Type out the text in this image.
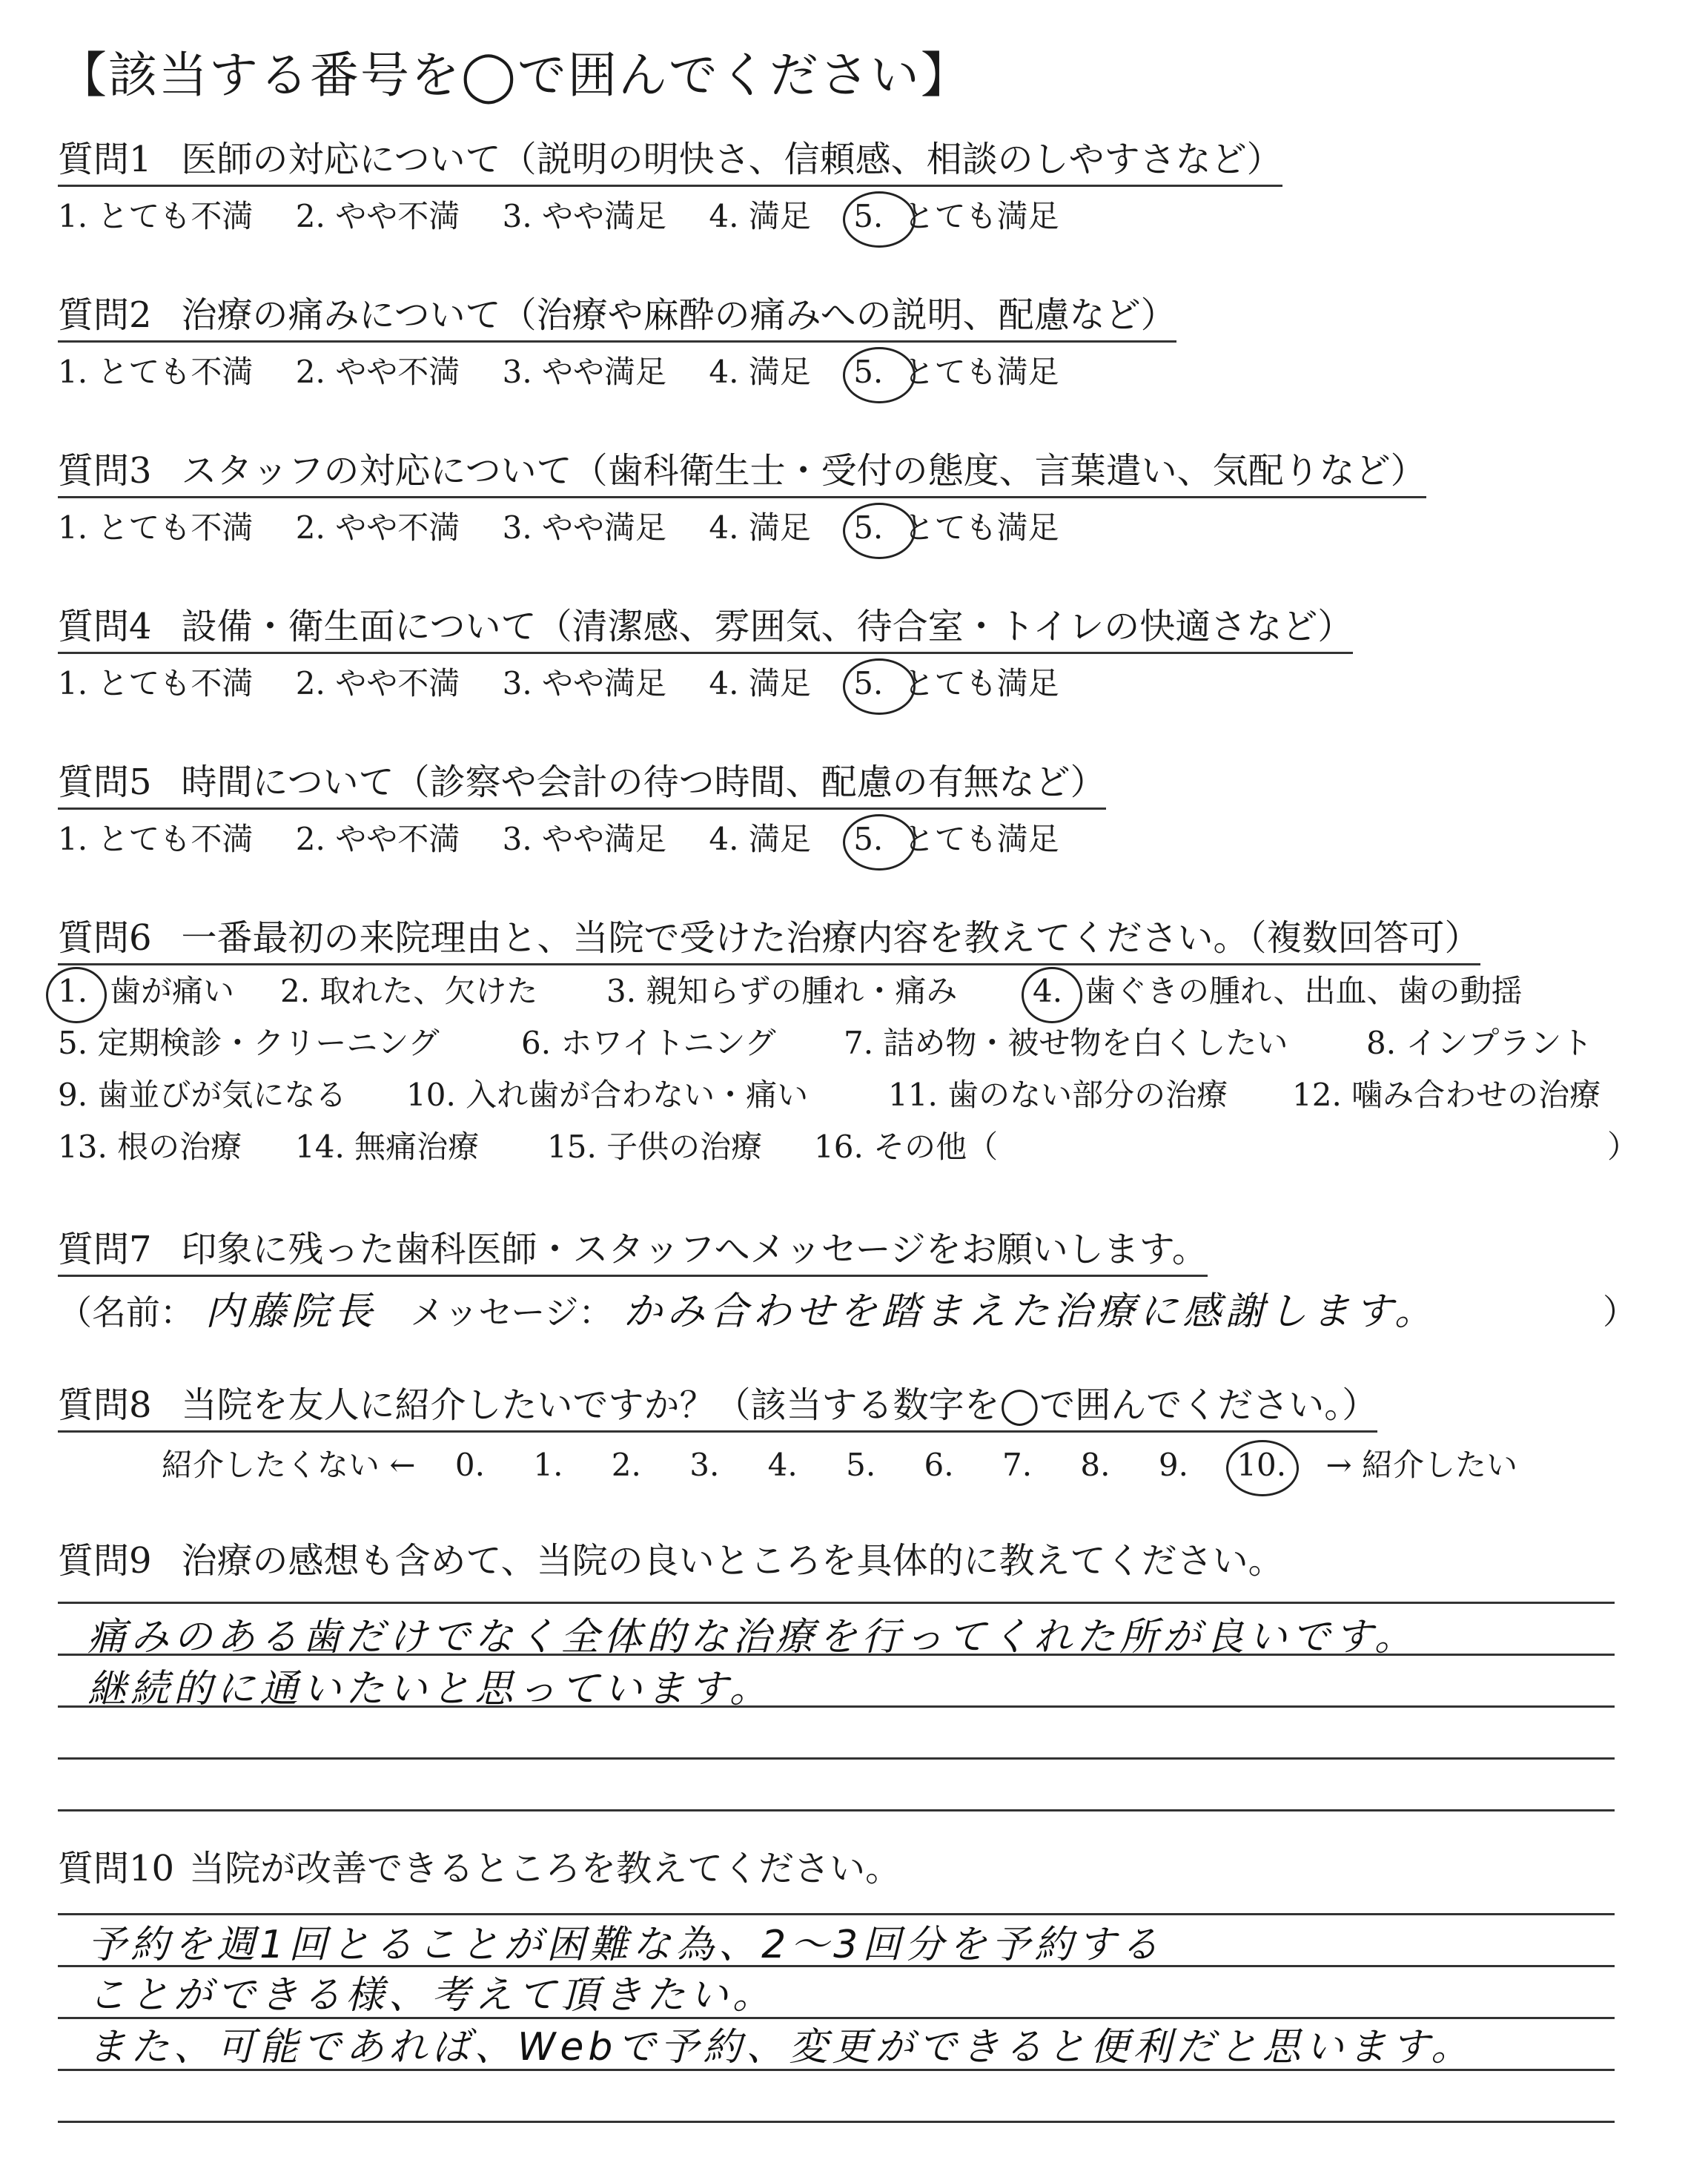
【該当する番号を◯で囲んでください】
質問1 医師の対応について（説明の明快さ、信頼感、相談のしやすさなど）
1. とても不満 2. やや不満 3. やや満足 4. 満足 5. とても満足
質問2 治療の痛みについて（治療や麻酔の痛みへの説明、配慮など）
1. とても不満 2. やや不満 3. やや満足 4. 満足 5. とても満足
質問3 スタッフの対応について（歯科衛生士・受付の態度、言葉遣い、気配りなど）
1. とても不満 2. やや不満 3. やや満足 4. 満足 5. とても満足
質問4 設備・衛生面について（清潔感、雰囲気、待合室・トイレの快適さなど）
1. とても不満 2. やや不満 3. やや満足 4. 満足 5. とても満足
質問5 時間について（診察や会計の待つ時間、配慮の有無など）
1. とても不満 2. やや不満 3. やや満足 4. 満足 5. とても満足
質問6 一番最初の来院理由と、当院で受けた治療内容を教えてください。（複数回答可）
1. 歯が痛い 2. 取れた、欠けた 3. 親知らずの腫れ・痛み 4. 歯ぐきの腫れ、出血、歯の動揺
5. 定期検診・クリーニング	6. ホワイトニング 7. 詰め物・被せ物を白くしたい	8. インプラント
9. 歯並びが気になる 10. 入れ歯が合わない・痛い	11. 歯のない部分の治療 12. 噛み合わせの治療
13. 根の治療 14. 無痛治療 15. 子供の治療 16. その他（	）
質問7 印象に残った歯科医師・スタッフへメッセージをお願いします。
（名前： 内藤院長 メッセージ： かみ合わせを踏まえた治療に感謝します。	）
質問8 当院を友人に紹介したいですか？（該当する数字を◯で囲んでください。）
紹介したくない ← 0. 1. 2. 3. 4. 5. 6. 7. 8. 9. 10. → 紹介したい
質問9 治療の感想も含めて、当院の良いところを具体的に教えてください。
痛みのある歯だけでなく全体的な治療を行ってくれた所が良いです。
継続的に通いたいと思っています。
質問10 当院が改善できるところを教えてください。
予約を週1回とることが困難な為、2〜3回分を予約する
ことができる様、考えて頂きたい。
また、可能であれば、Webで予約、変更ができると便利だと思います。
